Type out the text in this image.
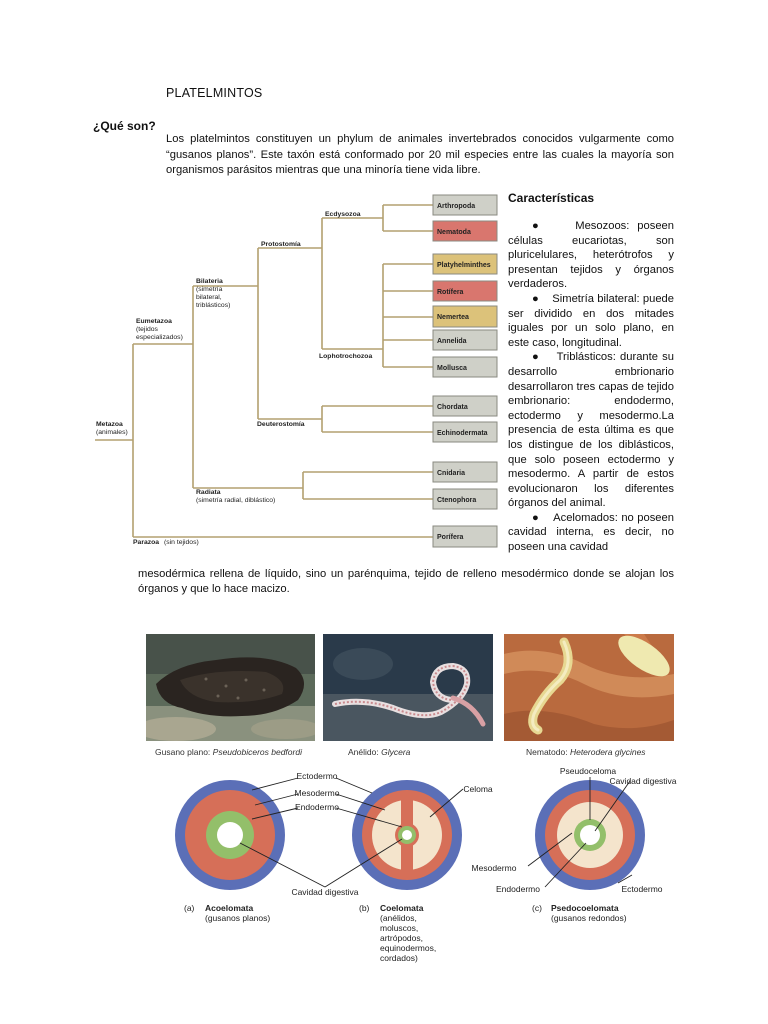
PLATELMINTOS
¿Qué son?
Los platelmintos constituyen un phylum de animales invertebrados conocidos vulgarmente como “gusanos planos”. Este taxón está conformado por 20 mil especies entre las cuales la mayoría son organismos parásitos mientras que una minoría tiene vida libre.
Arthropoda
Nematoda
Platyhelminthes
Rotífera
Nemertea
Annelida
Mollusca
Chordata
Echinodermata
Cnidaria
Ctenophora
Porífera
Ecdysozoa
Protostomía
Lophotrochozoa
Deuterostomía
Bilateria
(simetría
bilateral,
triblásticos)
Eumetazoa
(tejidos
especializados)
Metazoa
(animales)
Radiata
(simetría radial, diblástico)
Parazoa (sin tejidos)
Características

●    Mesozoos: poseen células eucariotas, son pluricelulares, heterótrofos y presentan tejidos y órganos verdaderos.

●    Simetría bilateral: puede ser dividido en dos mitades iguales por un solo plano, en este caso, longitudinal.

●    Triblásticos: durante su desarrollo embrionario desarrollaron tres capas de tejido embrionario: endodermo, ectodermo y mesodermo.La presencia de esta última es que los distingue de los diblásticos, que solo poseen ectodermo y mesodermo. A partir de estos evolucionaron los diferentes órganos del animal.

●    Acelomados: no poseen cavidad interna, es decir, no poseen una cavidad

mesodérmica rellena de líquido, sino un parénquima, tejido de relleno mesodérmico donde se alojan los órganos y que lo hace macizo.
Gusano plano: Pseudobiceros bedfordi	Anélido: Glycera	Nematodo: Heterodera glycines
Ectodermo
Mesodermo
Endodermo
Celoma
Cavidad digestiva
Pseudoceloma
Cavidad digestiva
Mesodermo
Endodermo	Ectodermo
(a) Acoelomata
(gusanos planos)
(b) Coelomata
(anélidos,
moluscos,
artrópodos,
equinodermos,
cordados)
(c) Psedocoelomata
(gusanos redondos)
